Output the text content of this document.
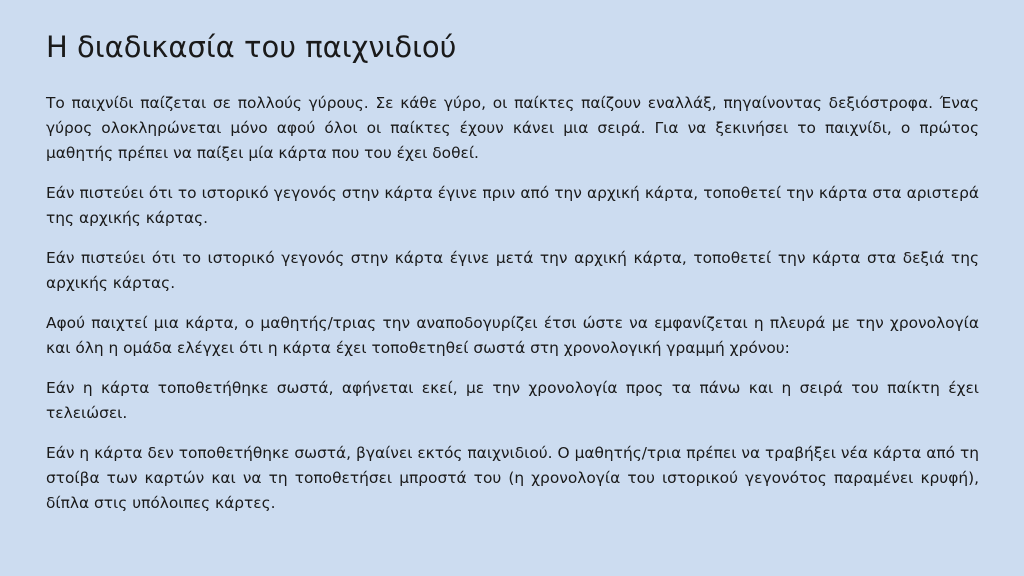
Η διαδικασία του παιχνιδιού

Το παιχνίδι παίζεται σε πολλούς γύρους. Σε κάθε γύρο, οι παίκτες παίζουν εναλλάξ, πηγαίνοντας δεξιόστροφα. Ένας γύρος ολοκληρώνεται μόνο αφού όλοι οι παίκτες έχουν κάνει μια σειρά. Για να ξεκινήσει το παιχνίδι, ο πρώτος μαθητής πρέπει να παίξει μία κάρτα που του έχει δοθεί.

Εάν πιστεύει ότι το ιστορικό γεγονός στην κάρτα έγινε πριν από την αρχική κάρτα, τοποθετεί την κάρτα στα αριστερά της αρχικής κάρτας.

Εάν πιστεύει ότι το ιστορικό γεγονός στην κάρτα έγινε μετά την αρχική κάρτα, τοποθετεί την κάρτα στα δεξιά της αρχικής κάρτας.

Αφού παιχτεί μια κάρτα, ο μαθητής/τριας την αναποδογυρίζει έτσι ώστε να εμφανίζεται η πλευρά με την χρονολογία και όλη η ομάδα ελέγχει ότι η κάρτα έχει τοποθετηθεί σωστά στη χρονολογική γραμμή χρόνου:

Εάν η κάρτα τοποθετήθηκε σωστά, αφήνεται εκεί, με την χρονολογία προς τα πάνω και η σειρά του παίκτη έχει τελειώσει.

Εάν η κάρτα δεν τοποθετήθηκε σωστά, βγαίνει εκτός παιχνιδιού. Ο μαθητής/τρια πρέπει να τραβήξει νέα κάρτα από τη στοίβα των καρτών και να τη τοποθετήσει μπροστά του (η χρονολογία του ιστορικού γεγονότος παραμένει κρυφή), δίπλα στις υπόλοιπες κάρτες.
